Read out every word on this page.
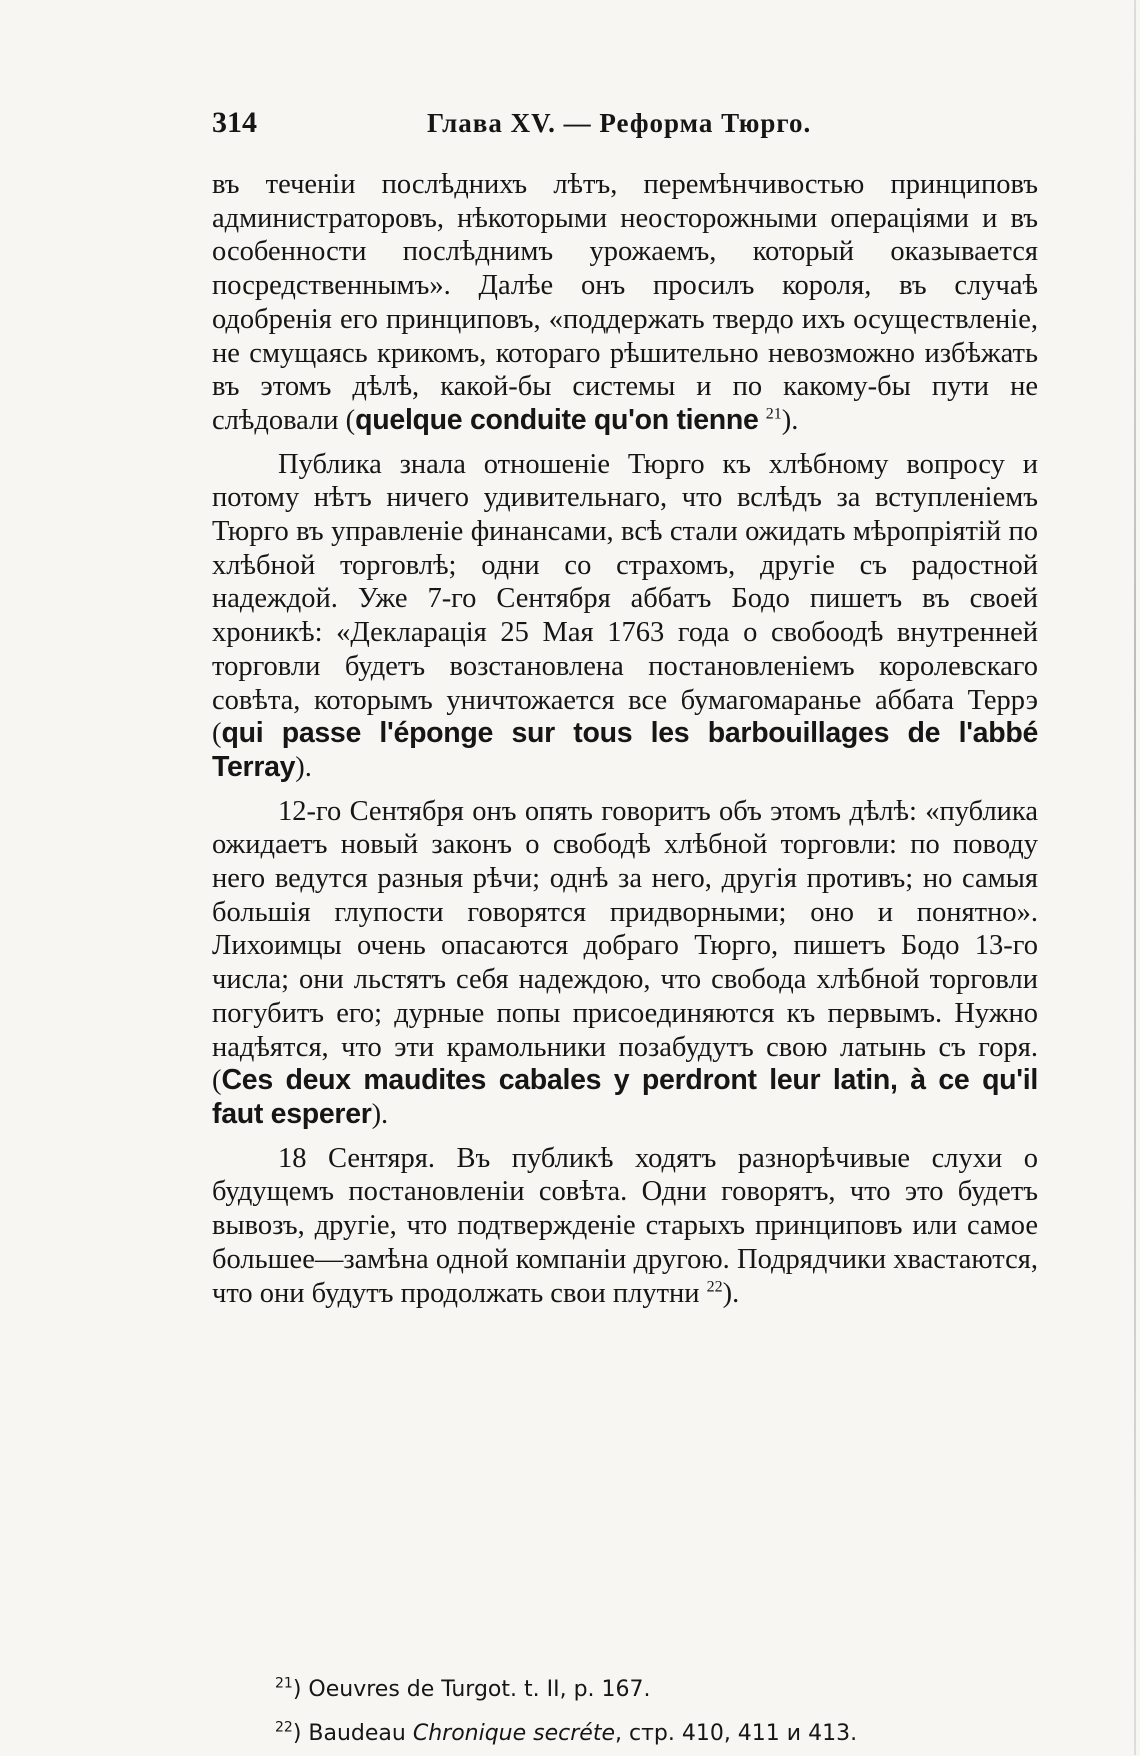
314	Глава XV. — Реформа Тюрго.

въ теченіи послѣднихъ лѣтъ, перемѣнчивостью принциповъ администраторовъ, нѣкоторыми неосторожными операціями и въ особенности послѣднимъ урожаемъ, который оказывается посредственнымъ». Далѣе онъ просилъ короля, въ случаѣ одобренія его принциповъ, «поддержать твердо ихъ осуществленіе, не смущаясь крикомъ, котораго рѣшительно невозможно избѣжать въ этомъ дѣлѣ, какой-бы системы и по какому-бы пути не слѣдовали (quelque conduite qu'on tienne $^{21}$).

Публика знала отношеніе Тюрго къ хлѣбному вопросу и потому нѣтъ ничего удивительнаго, что вслѣдъ за вступленіемъ Тюрго въ управленіе финансами, всѣ стали ожидать мѣропріятій по хлѣбной торговлѣ; одни со страхомъ, другіе съ радостной надеждой. Уже 7-го Сентября аббатъ Бодо пишетъ въ своей хроникѣ: «Декларація 25 Мая 1763 года о свобоодѣ внутренней торговли будетъ возстановлена постановленіемъ королевскаго совѣта, которымъ уничтожается все бумагомаранье аббата Террэ (qui passe l'éponge sur tous les barbouillages de l'abbé Terray).

12-го Сентября онъ опять говоритъ объ этомъ дѣлѣ: «публика ожидаетъ новый законъ о свободѣ хлѣбной торговли: по поводу него ведутся разныя рѣчи; однѣ за него, другія противъ; но самыя большія глупости говорятся придворными; оно и понятно». Лихоимцы очень опасаются добраго Тюрго, пишетъ Бодо 13-го числа; они льстятъ себя надеждою, что свобода хлѣбной торговли погубитъ его; дурные попы присоединяются къ первымъ. Нужно надѣятся, что эти крамольники позабудутъ свою латынь съ горя. (Ces deux maudites cabales y perdront leur latin, à ce qu'il faut esperer).

18 Сентяря. Въ публикѣ ходятъ разнорѣчивые слухи о будущемъ постановленіи совѣта. Одни говорятъ, что это будетъ вывозъ, другіе, что подтвержденіе старыхъ принциповъ или самое большее—замѣна одной компаніи другою. Подрядчики хвастаются, что они будутъ продолжать свои плутни $^{22}$).

$^{21}$) Oeuvres de Turgot. t. II, p. 167.

$^{22}$) Baudeau Chronique secréte, стр. 410, 411 и 413.
